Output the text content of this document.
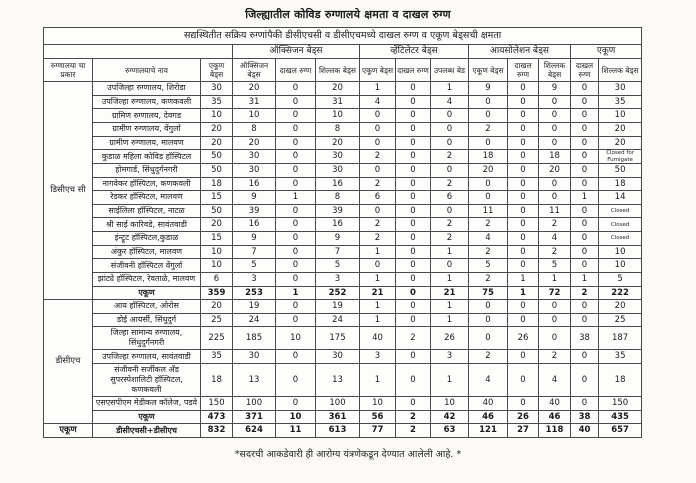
जिल्ह्यातील कोविड रुग्णालये क्षमता व दाखल रुग्ण
सद्यस्थितीत सक्रिय रुग्णांपैकी डीसीएचसी व डीसीएचमध्ये दाखल रुग्ण व एकूण बेड्सची क्षमता													
			ऑक्सिजन बेड्स			व्हेंटिलेटर बेड्स			आयसोलेशन बेड्स			एकूण	
रुग्णालया चा प्रकार	रुग्णालयाचे नाव	एकूण बेड्स	ऑक्सिजन बेड्स	दाखल रुग्ण	शिल्लक बेड्स	एकूण बेड्स	दाखल रुग्ण	उपलब्ध बेड	एकूण बेड्स	दाखल रुग्ण	शिल्लक बेड्स	दाखल रुग्ण	शिल्लक बेड्स
डिसीएच सी	उपजिल्हा रुग्णालय, शिरोडा	30	20	0	20	1	0	1	9	0	9	0	30
	उपजिल्हा रुग्णालय, कणकवली	35	31	0	31	4	0	4	0	0	0	0	35
	ग्रामिण रुग्णालय, देवगड	10	10	0	10	0	0	0	0	0	0	0	10
	ग्रामीण रुग्णालय, वेंगुर्ला	20	8	0	8	0	0	0	2	0	0	0	20
	ग्रामीण रुग्णालय, मालवण	20	20	0	20	0	0	0	0	0	0	0	20
	कुडाळ महिला कोविड हॉस्पिटल	50	30	0	30	2	0	2	18	0	18	0	Closed for Fumigate
	होमगार्ड, सिंधुदुर्गनगरी	50	30	0	30	0	0	0	20	0	20	0	50
	नागवेकर हॉस्पिटल, कणकवली	18	16	0	16	2	0	2	0	0	0	0	18
	रेडकर हॉस्पिटल, मालवण	15	9	1	8	6	0	6	0	0	0	1	14
	साईलिला हॉस्पिटल, नाटळ	50	39	0	39	0	0	0	11	0	11	0	Closed
	श्री साई कारिवडे, सावंतवाडी	20	16	0	16	2	0	2	2	0	2	0	Closed
	इंन्ट्रूट हॉस्पिटल,कुडाळ	15	9	0	9	2	0	2	4	0	4	0	Closed
	अंकुर हॉस्पिटल, मालवण	10	7	0	7	1	0	1	2	0	2	0	10
	संजीवनी हॉस्पिटल वेंगुर्ला	10	5	0	5	0	0	0	5	0	5	0	10
	झांट्ये हॉस्पिटल, रेवताळे, मालवण	6	3	0	3	1	0	1	2	1	1	1	5
	एकूण	359	253	1	252	21	0	21	75	1	72	2	222
डीसीएच	आय हॉस्पिटल, ओरोस	20	19	0	19	1	0	1	0	0	0	0	20
	डोई आयर्सी, सिंधुदुर्ग	25	24	0	24	1	0	1	0	0	0	0	25
	जिल्हा सामान्य रुग्णालय, सिंधुदुर्गनगरी	225	185	10	175	40	2	26	0	26	0	38	187
	उपजिल्हा रुग्णालय, सावंतवाडी	35	30	0	30	3	0	3	2	0	2	0	35
	संजीवनी सर्जीकल अँड सुपरस्पेशालिटी हॉस्पिटल, कणकवली	18	13	0	13	1	0	1	4	0	4	0	18
	एसएसपीएम मेडीकल कॉलेज, पडवे	150	100	0	100	10	0	10	40	0	40	0	150
	एकूण	473	371	10	361	56	2	42	46	26	46	38	435
एकूण	डीसीएचसी+डीसीएच	832	624	11	613	77	2	63	121	27	118	40	657
*सदरची आकडेवारी ही आरोग्य यंत्रणेकडून देण्यात आलेली आहे. *
